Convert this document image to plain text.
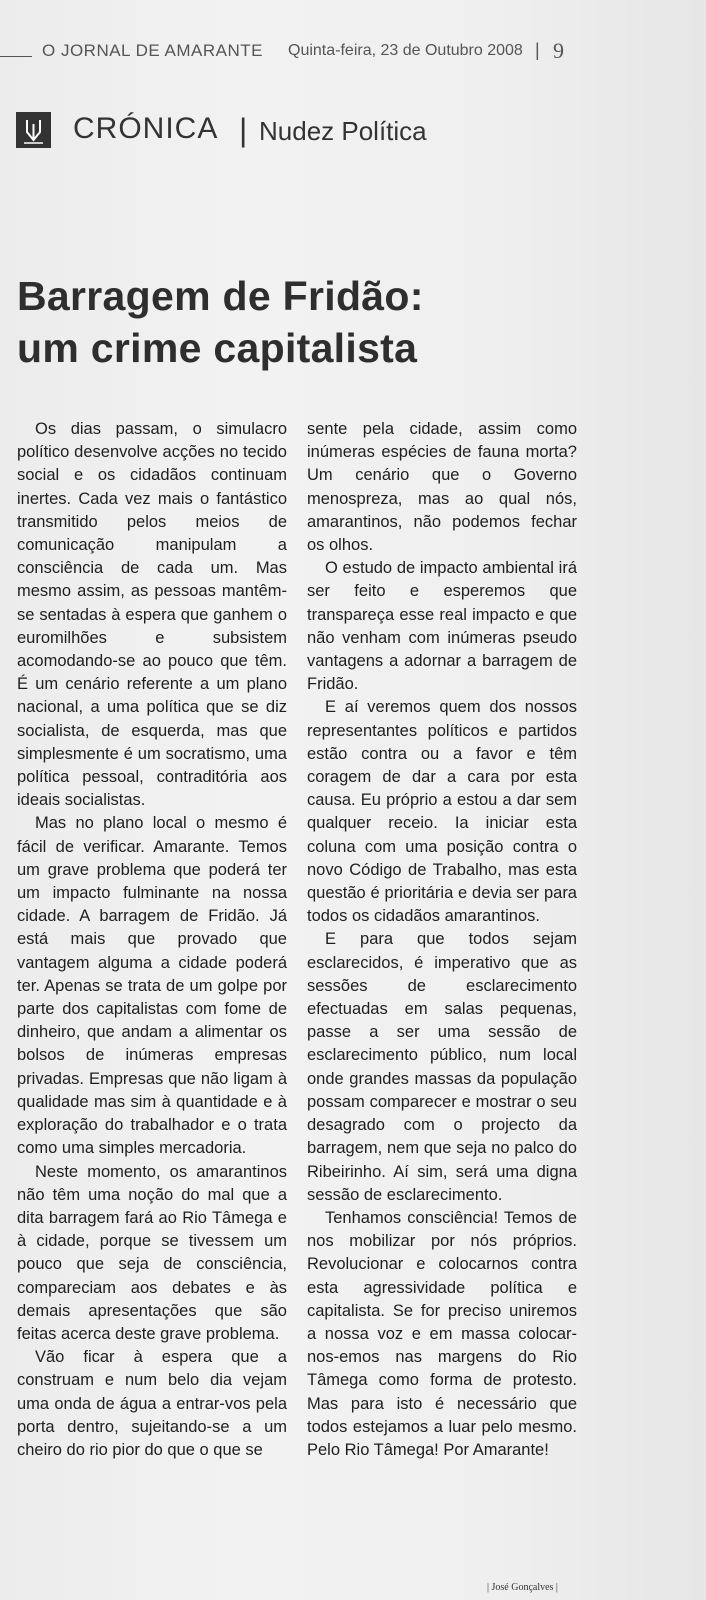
O JORNAL DE AMARANTE Quinta-feira, 23 de Outubro 2008 | 9
CRÓNICA | Nudez Política
Barragem de Fridão:
um crime capitalista

Os dias passam, o simulacro político desenvolve acções no tecido social e os cidadãos continuam inertes. Cada vez mais o fantástico transmitido pelos meios de comunicação manipulam a consciência de cada um. Mas mesmo assim, as pessoas mantêm-se sentadas à espera que ganhem o euromilhões e subsistem acomodando-se ao pouco que têm. É um cenário referente a um plano nacional, a uma política que se diz socialista, de esquerda, mas que simplesmente é um socratismo, uma política pessoal, contraditória aos ideais socialistas.

Mas no plano local o mesmo é fácil de verificar. Amarante. Temos um grave problema que poderá ter um impacto fulminante na nossa cidade. A barragem de Fridão. Já está mais que provado que vantagem alguma a cidade poderá ter. Apenas se trata de um golpe por parte dos capitalistas com fome de dinheiro, que andam a alimentar os bolsos de inúmeras empresas privadas. Empresas que não ligam à qualidade mas sim à quantidade e à exploração do trabalhador e o trata como uma simples mercadoria.

Neste momento, os amarantinos não têm uma noção do mal que a dita barragem fará ao Rio Tâmega e à cidade, porque se tivessem um pouco que seja de consciência, compareciam aos debates e às demais apresentações que são feitas acerca deste grave problema.

Vão ficar à espera que a construam e num belo dia vejam uma onda de água a entrar-vos pela porta dentro, sujeitando-se a um cheiro do rio pior do que o que se

sente pela cidade, assim como inúmeras espécies de fauna morta? Um cenário que o Governo menospreza, mas ao qual nós, amarantinos, não podemos fechar os olhos.

O estudo de impacto ambiental irá ser feito e esperemos que transpareça esse real impacto e que não venham com inúmeras pseudo vantagens a adornar a barragem de Fridão.

E aí veremos quem dos nossos representantes políticos e partidos estão contra ou a favor e têm coragem de dar a cara por esta causa. Eu próprio a estou a dar sem qualquer receio. Ia iniciar esta coluna com uma posição contra o novo Código de Trabalho, mas esta questão é prioritária e devia ser para todos os cidadãos amarantinos.

E para que todos sejam esclarecidos, é imperativo que as sessões de esclarecimento efectuadas em salas pequenas, passe a ser uma sessão de esclarecimento público, num local onde grandes massas da população possam comparecer e mostrar o seu desagrado com o projecto da barragem, nem que seja no palco do Ribeirinho. Aí sim, será uma digna sessão de esclarecimento.

Tenhamos consciência! Temos de nos mobilizar por nós próprios. Revolucionar e colocarnos contra esta agressividade política e capitalista. Se for preciso uniremos a nossa voz e em massa colocar-nos-emos nas margens do Rio Tâmega como forma de protesto. Mas para isto é necessário que todos estejamos a luar pelo mesmo. Pelo Rio Tâmega! Por Amarante!

| José Gonçalves |
